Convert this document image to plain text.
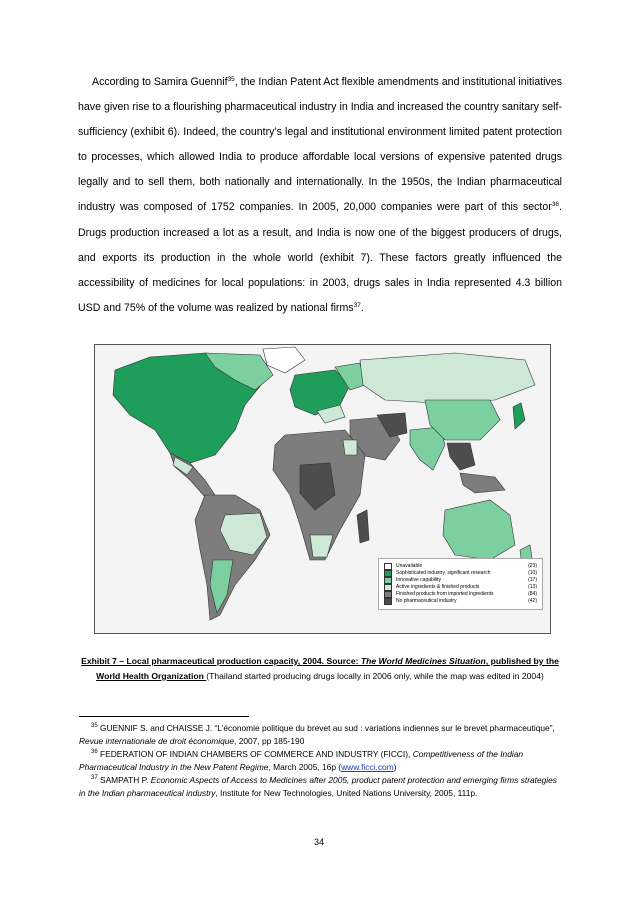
According to Samira Guennif$^{35}$, the Indian Patent Act flexible amendments and institutional initiatives have given rise to a flourishing pharmaceutical industry in India and increased the country sanitary self-sufficiency (exhibit 6). Indeed, the country’s legal and institutional environment limited patent protection to processes, which allowed India to produce affordable local versions of expensive patented drugs legally and to sell them, both nationally and internationally. In the 1950s, the Indian pharmaceutical industry was composed of 1752 companies. In 2005, 20,000 companies were part of this sector$^{36}$. Drugs production increased a lot as a result, and India is now one of the biggest producers of drugs, and exports its production in the whole world (exhibit 7). These factors greatly influenced the accessibility of medicines for local populations: in 2003, drugs sales in India represented 4.3 billion USD and 75% of the volume was realized by national firms$^{37}$.

Unavailable	(23)
Sophisticated industry, significant research	(10)
Innovative capability	(17)
Active ingredients & finished products	(13)
Finished products from imported ingredients	(84)
No pharmaceutical industry	(42)

Exhibit 7 – Local pharmaceutical production capacity, 2004. Source: The World Medicines Situation, published by the World Health Organization (Thailand started producing drugs locally in 2006 only, while the map was edited in 2004)

$^{35}$ GUENNIF S. and CHAISSE J. “L’économie politique du brevet au sud : variations indiennes sur le brevet pharmaceutique”, Revue internationale de droit économique, 2007, pp 185-190

$^{36}$ FEDERATION OF INDIAN CHAMBERS OF COMMERCE AND INDUSTRY (FICCI), Competitiveness of the Indian Pharmaceutical Industry in the New Patent Regime, March 2005, 16p (www.ficci.com)

$^{37}$ SAMPATH P. Economic Aspects of Access to Medicines after 2005, product patent protection and emerging firms strategies in the Indian pharmaceutical industry, Institute for New Technologies, United Nations University, 2005, 111p.

34
